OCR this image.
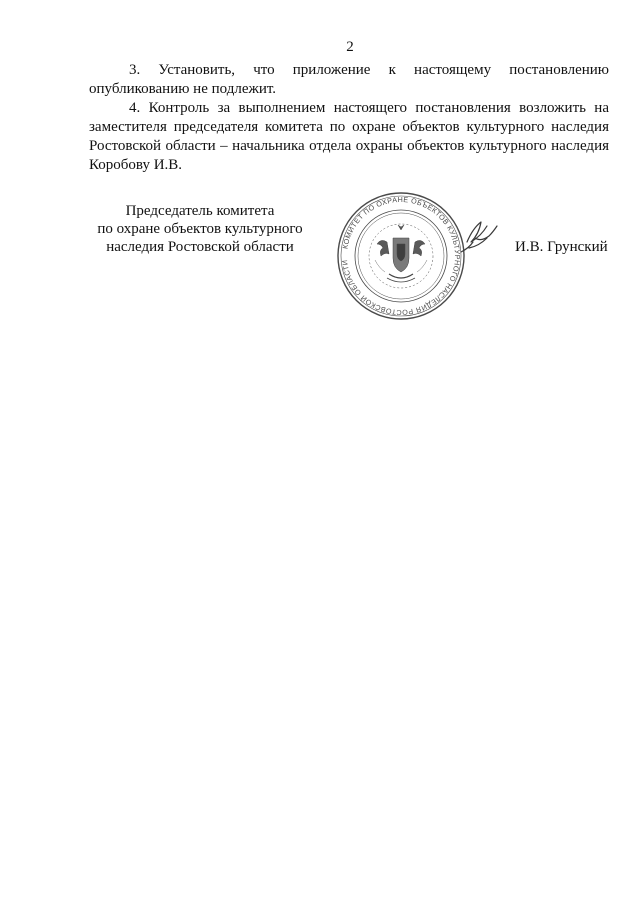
2

3. Установить, что приложение к настоящему постановлению опубликованию не подлежит.

4. Контроль за выполнением настоящего постановления возложить на заместителя председателя комитета по охране объектов культурного наследия Ростовской области – начальника отдела охраны объектов культурного наследия Коробову И.В.

Председатель комитета
по охране объектов культурного
наследия Ростовской области	КОМИТЕТ ПО ОХРАНЕ ОБЪЕКТОВ КУЛЬТУРНОГО НАСЛЕДИЯ РОСТОВСКОЙ ОБЛАСТИ
И.В. Грунский
